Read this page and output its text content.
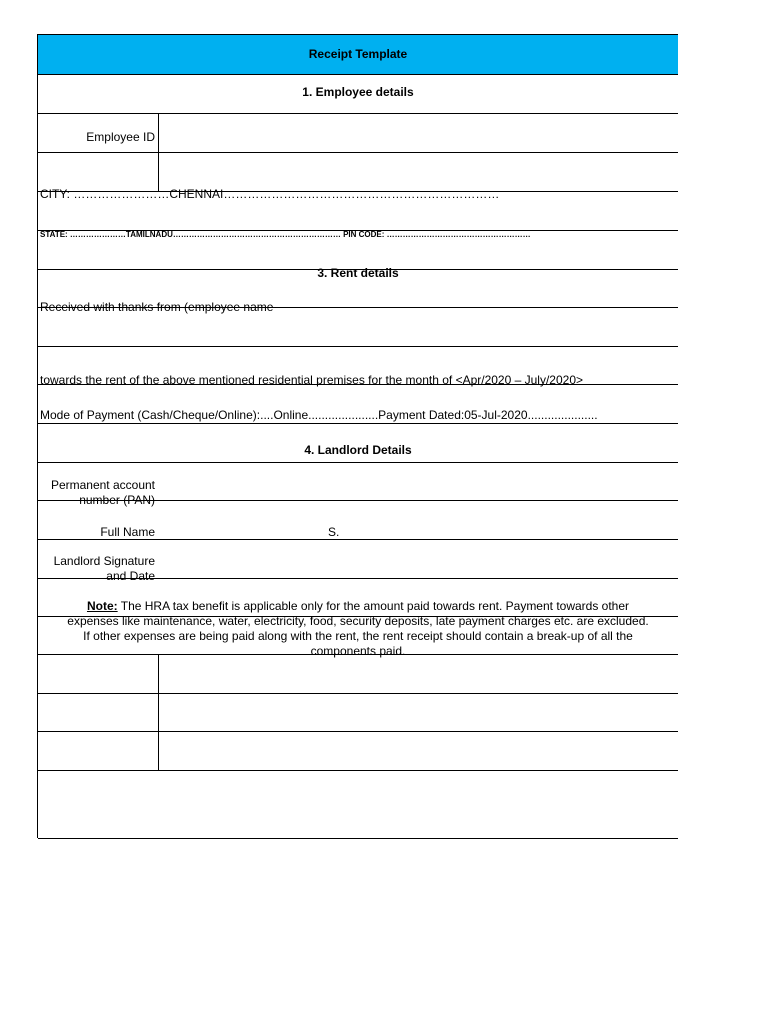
Receipt Template
1. Employee details
Employee ID
CITY: ……………………CHENNAI……………………………………………………………
STATE: …………………TAMILNADU……………………………………………………… PIN CODE: ………………………………………………
3. Rent details
Received with thanks from (employee name
towards the rent of the above mentioned residential premises for the month of <Apr/2020 – July/2020>
Mode of Payment (Cash/Cheque/Online):....Online.....................Payment Dated:05-Jul-2020.....................
4. Landlord Details
Permanent account
number (PAN)
Full Name	S.
Landlord Signature
and Date
Note: The HRA tax benefit is applicable only for the amount paid towards rent. Payment towards other
expenses like maintenance, water, electricity, food, security deposits, late payment charges etc. are excluded.
If other expenses are being paid along with the rent, the rent receipt should contain a break-up of all the
components paid.
